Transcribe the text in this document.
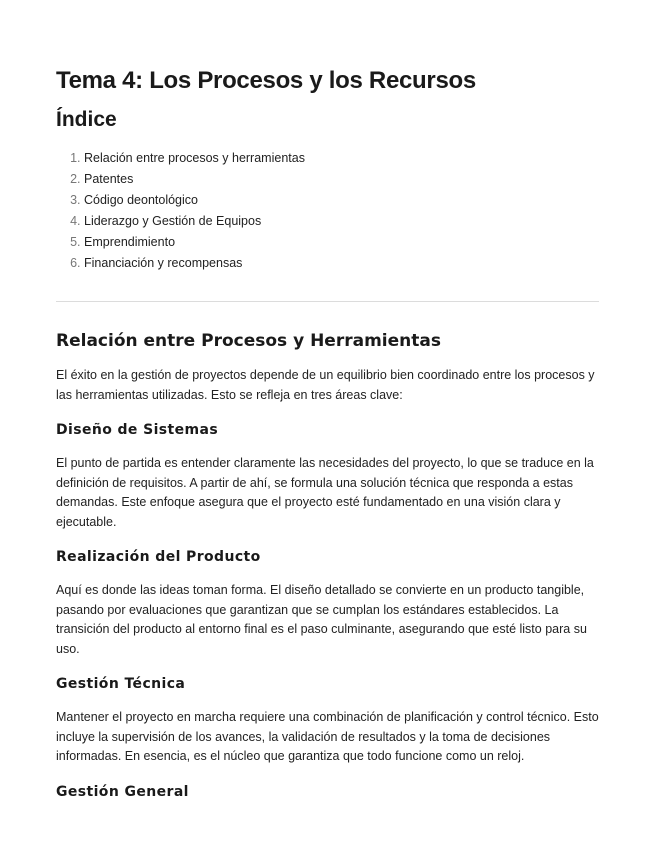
Tema 4: Los Procesos y los Recursos
Índice
1. Relación entre procesos y herramientas
2. Patentes
3. Código deontológico
4. Liderazgo y Gestión de Equipos
5. Emprendimiento
6. Financiación y recompensas
Relación entre Procesos y Herramientas

El éxito en la gestión de proyectos depende de un equilibrio bien coordinado entre los procesos y las herramientas utilizadas. Esto se refleja en tres áreas clave:

Diseño de Sistemas

El punto de partida es entender claramente las necesidades del proyecto, lo que se traduce en la definición de requisitos. A partir de ahí, se formula una solución técnica que responda a estas demandas. Este enfoque asegura que el proyecto esté fundamentado en una visión clara y ejecutable.

Realización del Producto

Aquí es donde las ideas toman forma. El diseño detallado se convierte en un producto tangible, pasando por evaluaciones que garantizan que se cumplan los estándares establecidos. La transición del producto al entorno final es el paso culminante, asegurando que esté listo para su uso.

Gestión Técnica

Mantener el proyecto en marcha requiere una combinación de planificación y control técnico. Esto incluye la supervisión de los avances, la validación de resultados y la toma de decisiones informadas. En esencia, es el núcleo que garantiza que todo funcione como un reloj.

Gestión General
